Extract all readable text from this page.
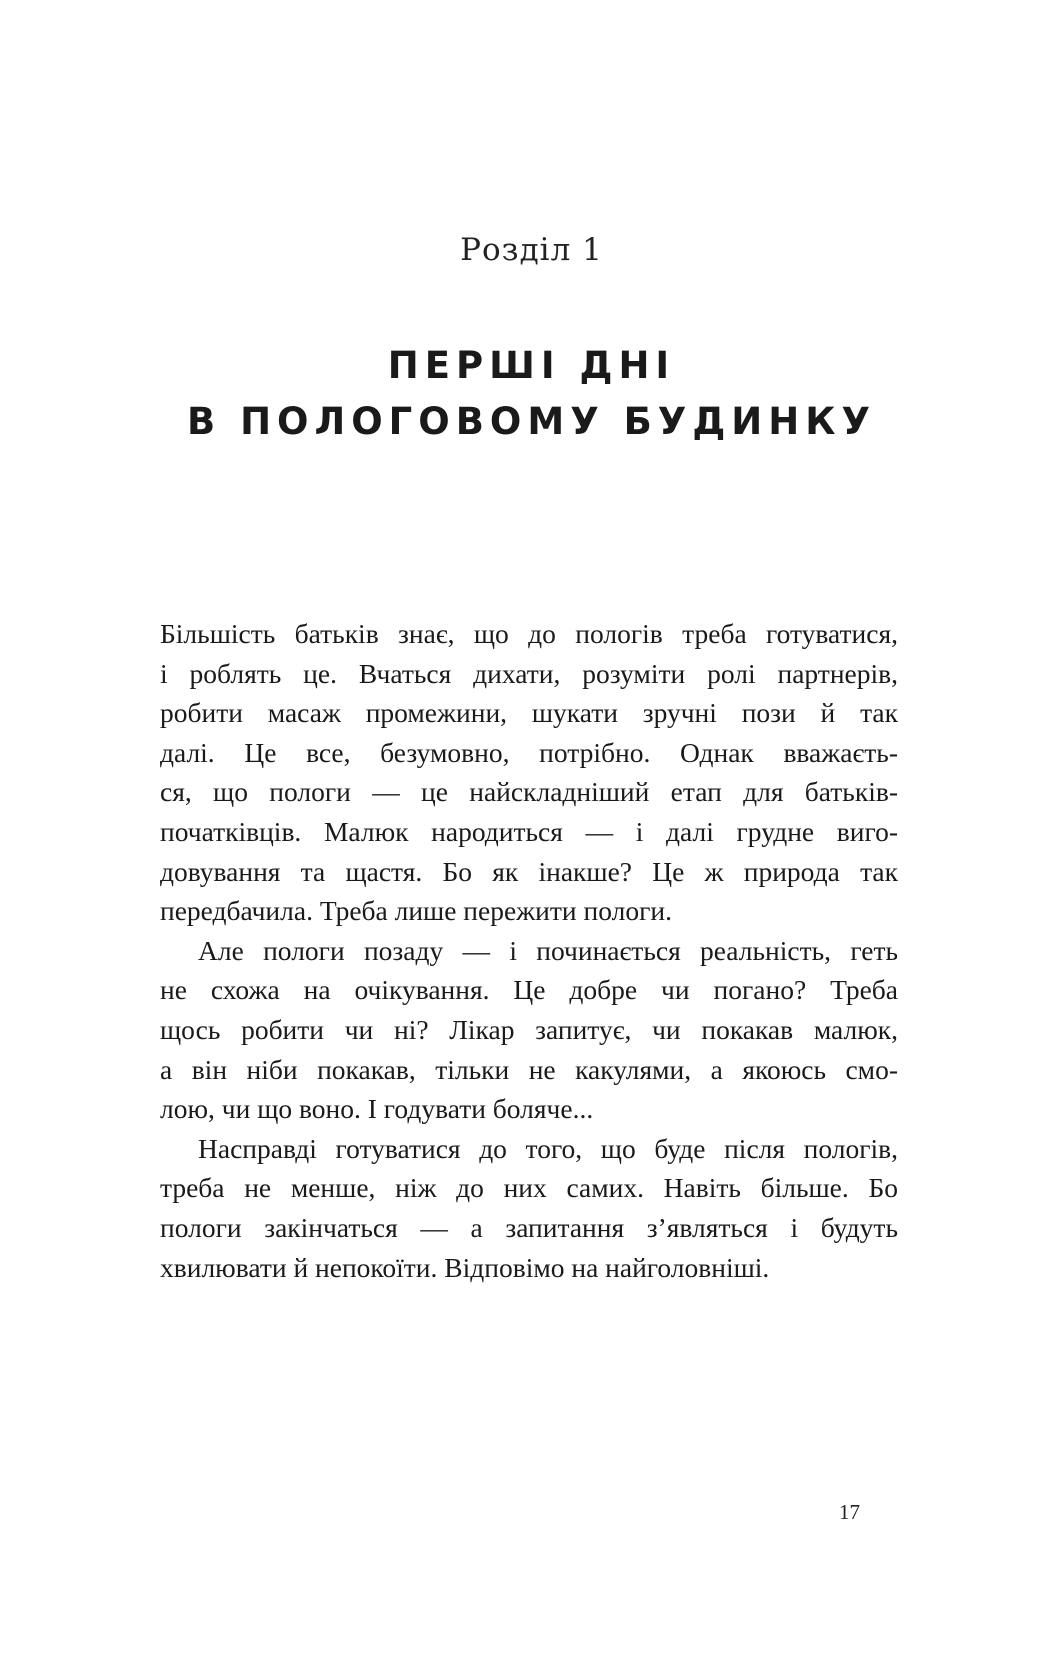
Розділ 1
ПЕРШІ ДНІ
В ПОЛОГОВОМУ БУДИНКУ
Більшість батьків знає, що до пологів треба готуватися,
і роблять це. Вчаться дихати, розуміти ролі партнерів,
робити масаж промежини, шукати зручні пози й так
далі. Це все, безумовно, потрібно. Однак вважаєть-
ся, що пологи — це найскладніший етап для батьків-
початківців. Малюк народиться — і далі грудне виго-
довування та щастя. Бо як інакше? Це ж природа так
передбачила. Треба лише пережити пологи.
Але пологи позаду — і починається реальність, геть
не схожа на очікування. Це добре чи погано? Треба
щось робити чи ні? Лікар запитує, чи покакав малюк,
а він ніби покакав, тільки не какулями, а якоюсь смо-
лою, чи що воно. І годувати боляче...
Насправді готуватися до того, що буде після пологів,
треба не менше, ніж до них самих. Навіть більше. Бо
пологи закінчаться — а запитання з’являться і будуть
хвилювати й непокоїти. Відповімо на найголовніші.
17
